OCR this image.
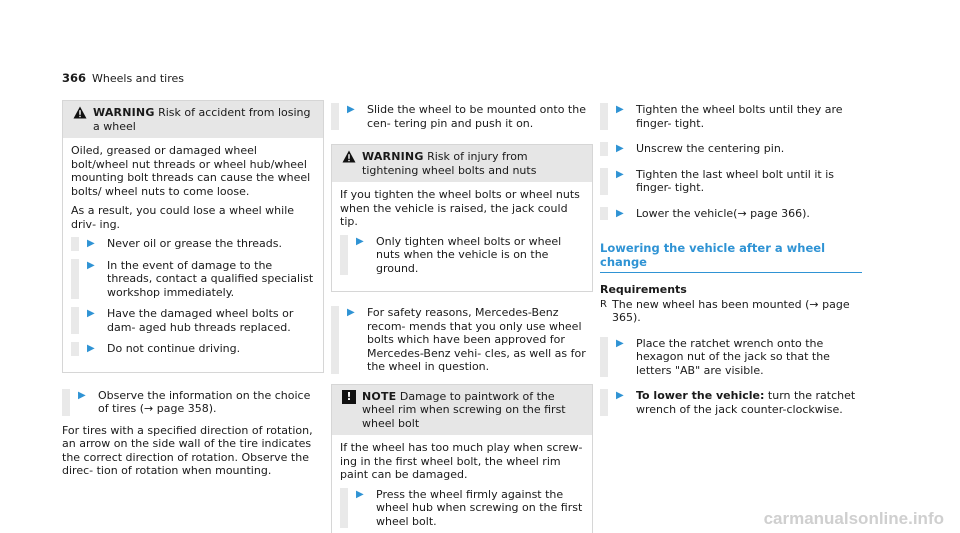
366 Wheels and tires
WARNING Risk of accident from losing a wheel

Oiled, greased or damaged wheel bolt/wheel nut threads or wheel hub/wheel mounting bolt threads can cause the wheel bolts/ wheel nuts to come loose.

As a result, you could lose a wheel while driv‐ ing.

▶	Never oil or grease the threads.
▶	In the event of damage to the threads, contact a qualified specialist workshop immediately.
▶	Have the damaged wheel bolts or dam‐ aged hub threads replaced.
▶	Do not continue driving.
▶	Observe the information on the choice of tires (→ page 358).

For tires with a specified direction of rotation, an arrow on the side wall of the tire indicates the correct direction of rotation. Observe the direc‐ tion of rotation when mounting.

▶	Slide the wheel to be mounted onto the cen‐ tering pin and push it on.
WARNING Risk of injury from tightening wheel bolts and nuts

If you tighten the wheel bolts or wheel nuts when the vehicle is raised, the jack could tip.

▶	Only tighten wheel bolts or wheel nuts when the vehicle is on the ground.
▶	For safety reasons, Mercedes-Benz recom‐ mends that you only use wheel bolts which have been approved for Mercedes-Benz vehi‐ cles, as well as for the wheel in question.
! NOTE Damage to paintwork of the wheel rim when screwing on the first wheel bolt

If the wheel has too much play when screw‐ ing in the first wheel bolt, the wheel rim paint can be damaged.

▶	Press the wheel firmly against the wheel hub when screwing on the first wheel bolt.
▶	Tighten the wheel bolts until they are finger- tight.
▶	Unscrew the centering pin.
▶	Tighten the last wheel bolt until it is finger- tight.
▶	Lower the vehicle(→ page 366).
Lowering the vehicle after a wheel change
Requirements
R The new wheel has been mounted (→ page 365).
▶	Place the ratchet wrench onto the hexagon nut of the jack so that the letters "AB" are visible.
▶	To lower the vehicle: turn the ratchet wrench of the jack counter-clockwise.
carmanualsonline.info
